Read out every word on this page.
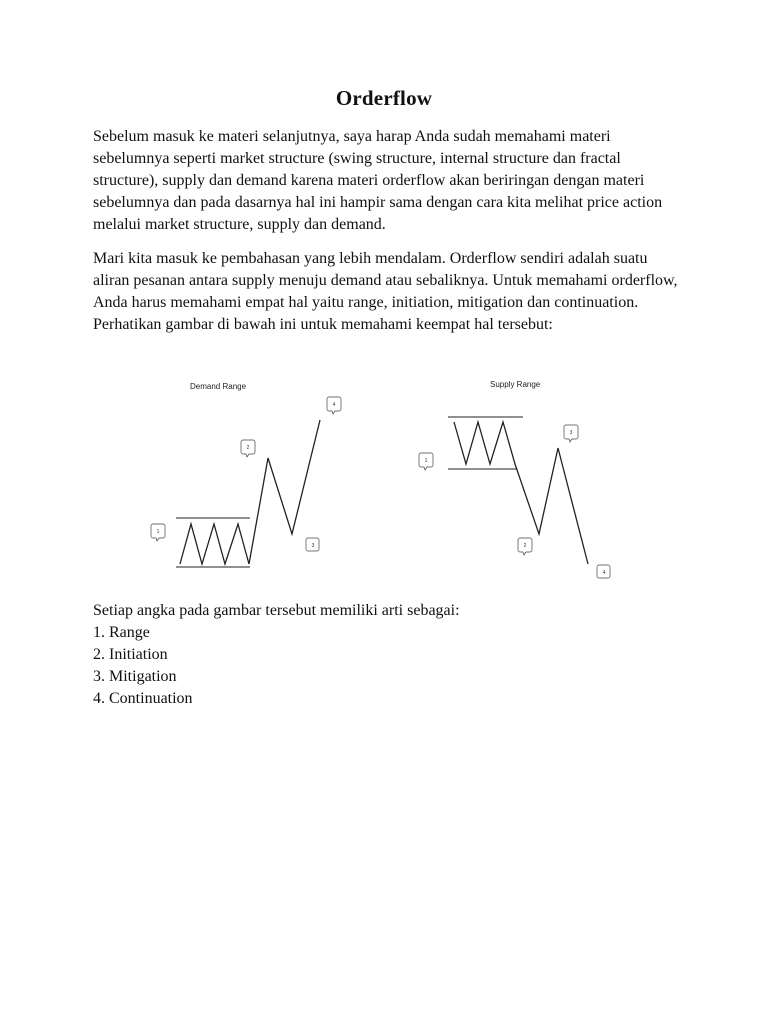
Orderflow

Sebelum masuk ke materi selanjutnya, saya harap Anda sudah memahami materi sebelumnya seperti market structure (swing structure, internal structure dan fractal structure), supply dan demand karena materi orderflow akan beriringan dengan materi sebelumnya dan pada dasarnya hal ini hampir sama dengan cara kita melihat price action melalui market structure, supply dan demand.

Mari kita masuk ke pembahasan yang lebih mendalam. Orderflow sendiri adalah suatu aliran pesanan antara supply menuju demand atau sebaliknya. Untuk memahami orderflow, Anda harus memahami empat hal yaitu range, initiation, mitigation dan continuation. Perhatikan gambar di bawah ini untuk memahami keempat hal tersebut:

Demand Range
1
2
3
4
Supply Range
1
2
3
4

Setiap angka pada gambar tersebut memiliki arti sebagai:

1. Range
2. Initiation
3. Mitigation
4. Continuation
